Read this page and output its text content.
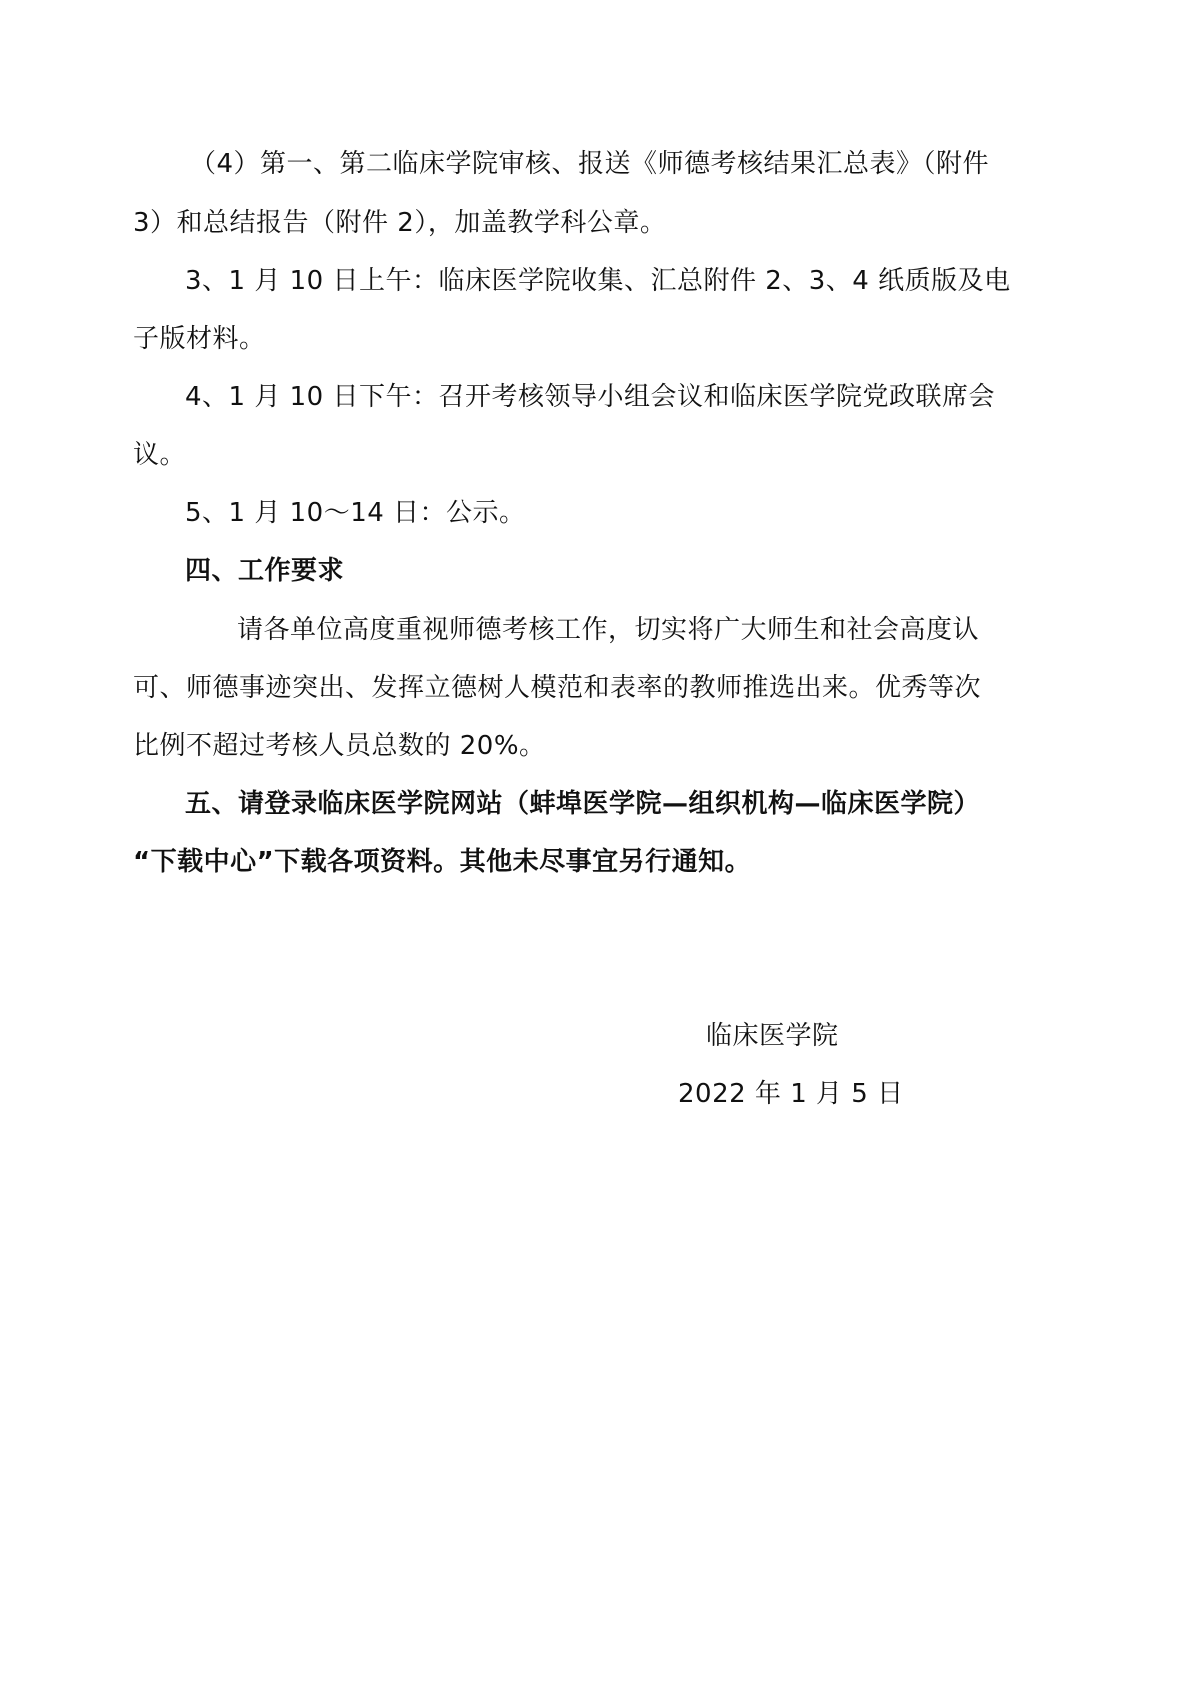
（4）第一、第二临床学院审核、报送《师德考核结果汇总表》（附件
3）和总结报告（附件 2），加盖教学科公章。
3、1 月 10 日上午：临床医学院收集、汇总附件 2、3、4 纸质版及电
子版材料。
4、1 月 10 日下午：召开考核领导小组会议和临床医学院党政联席会
议。
5、1 月 10～14 日：公示。
四、工作要求
请各单位高度重视师德考核工作，切实将广大师生和社会高度认
可、师德事迹突出、发挥立德树人模范和表率的教师推选出来。优秀等次
比例不超过考核人员总数的 20%。
五、请登录临床医学院网站（蚌埠医学院—组织机构—临床医学院）
“下载中心”下载各项资料。其他未尽事宜另行通知。
临床医学院
2022 年 1 月 5 日
